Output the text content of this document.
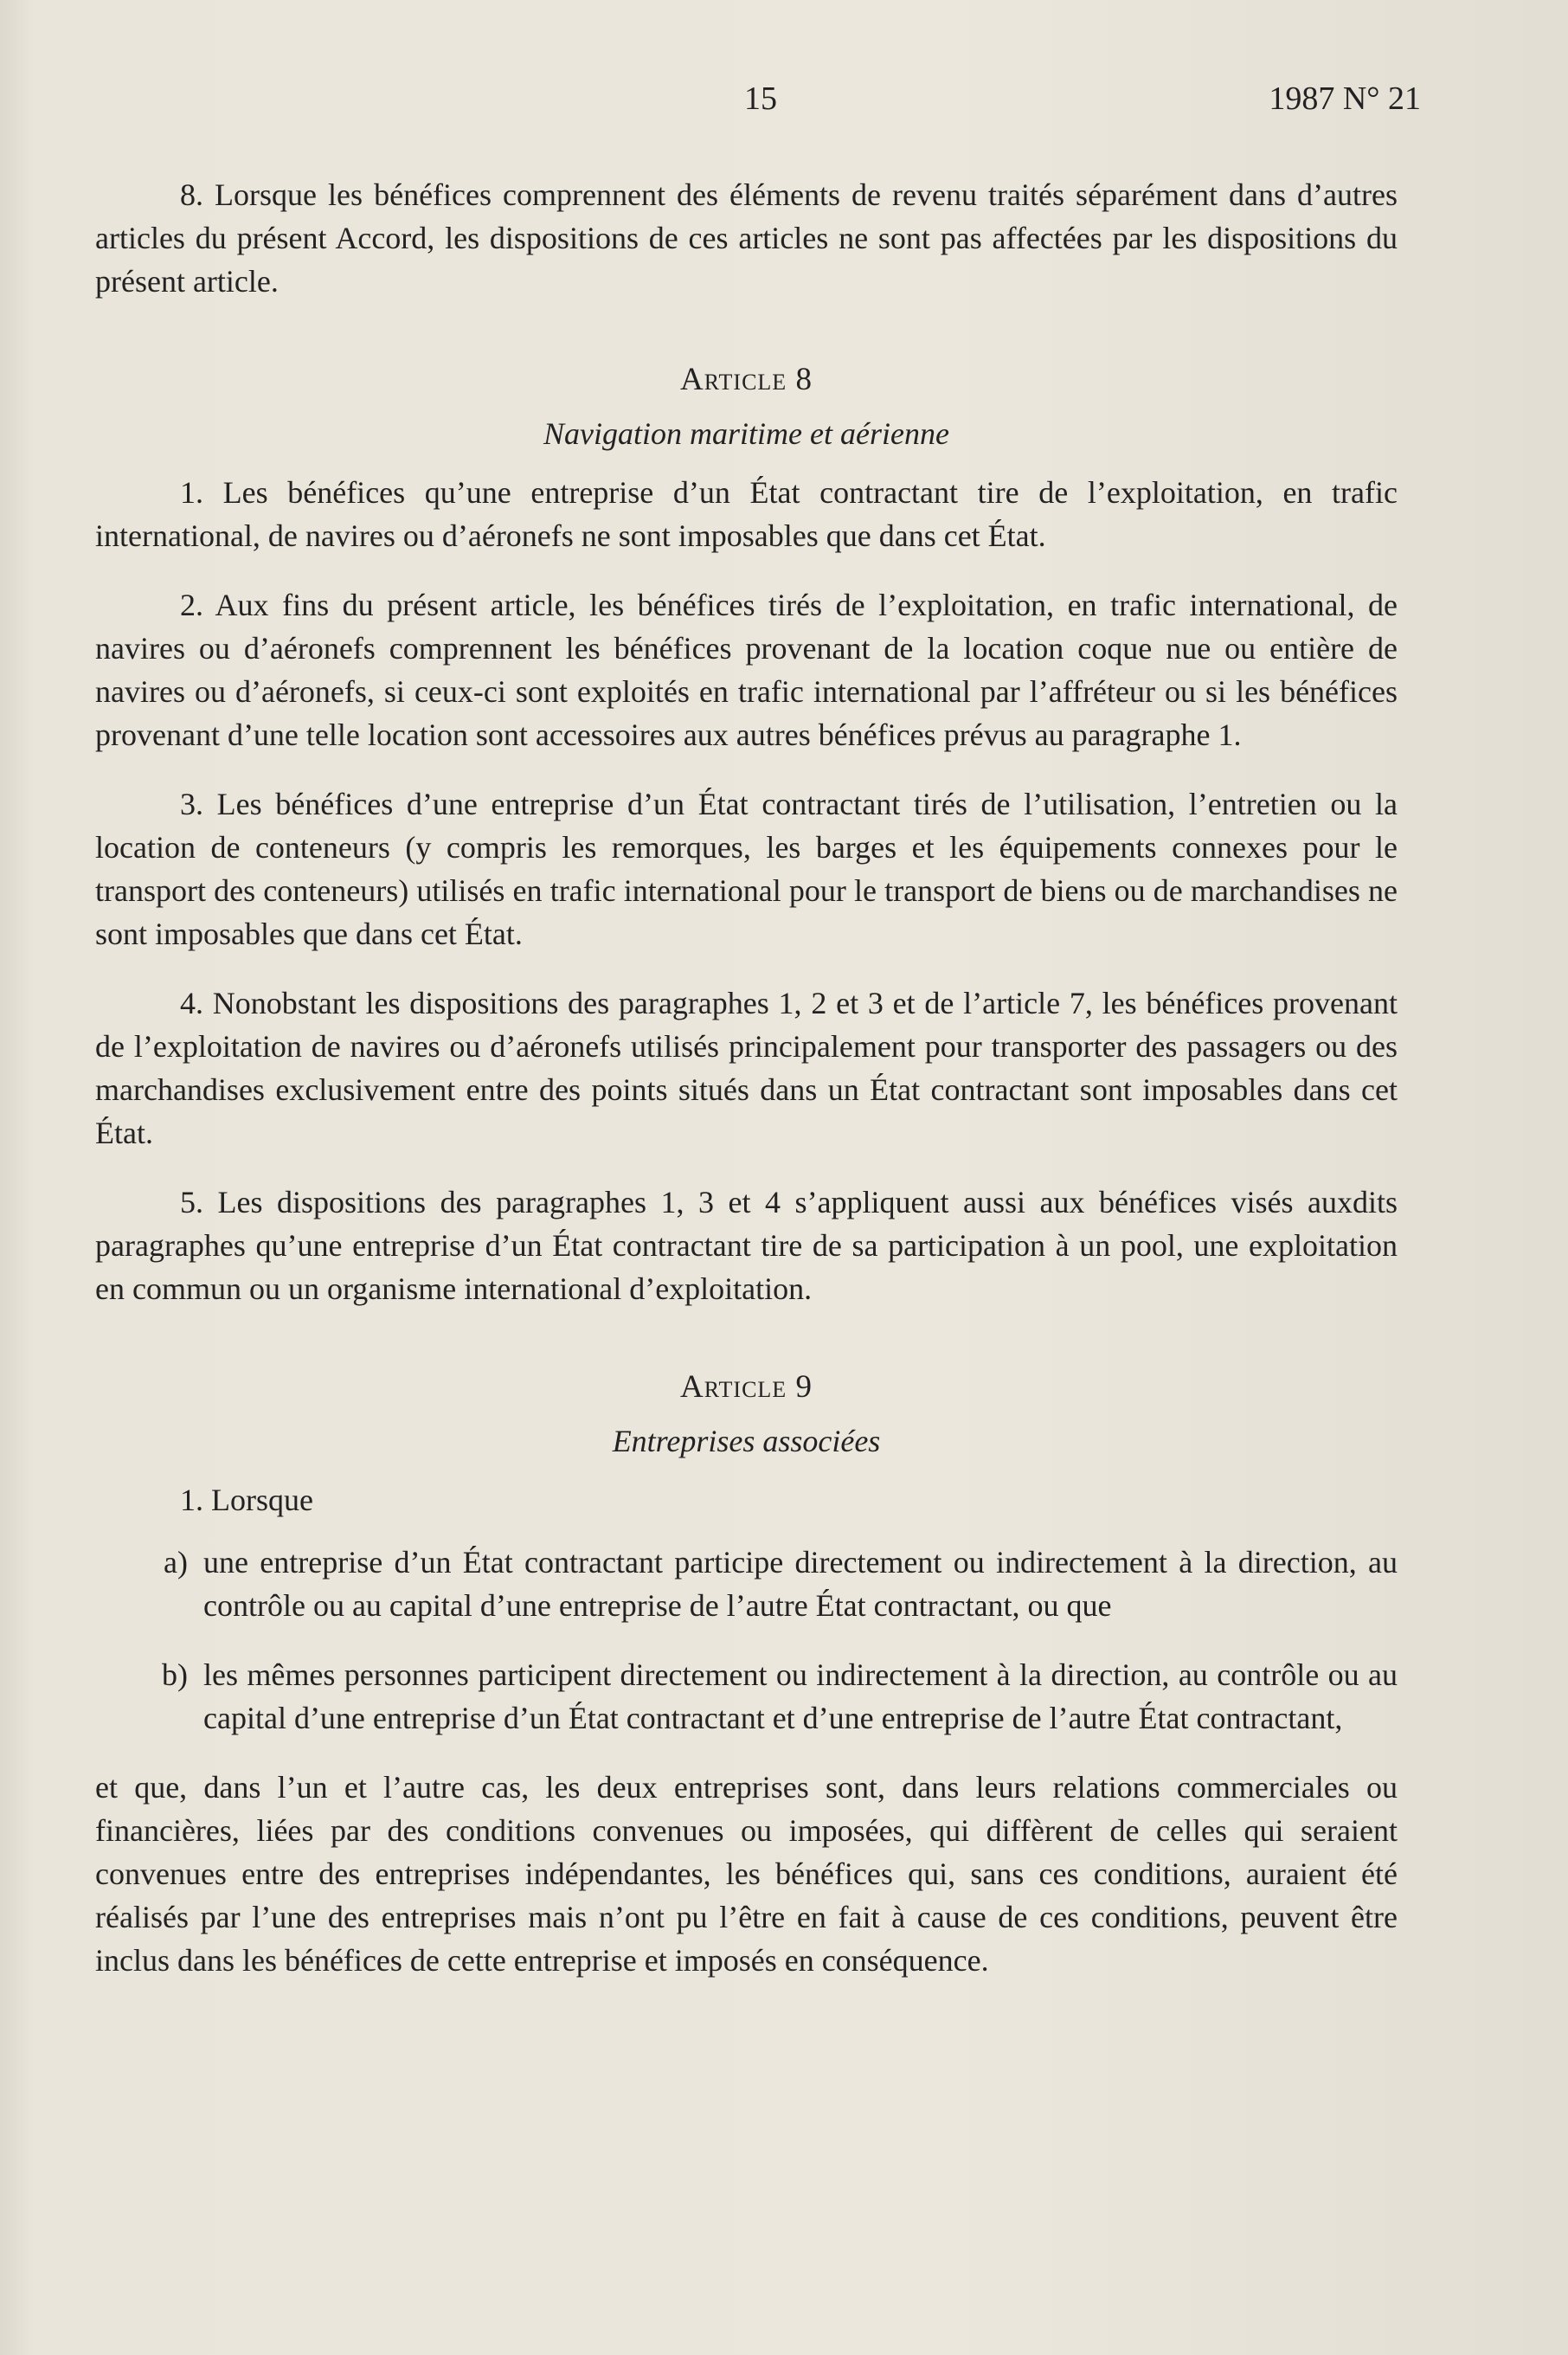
15	1987 N° 21

8. Lorsque les bénéfices comprennent des éléments de revenu traités séparément dans d’autres articles du présent Accord, les dispositions de ces articles ne sont pas affectées par les dispositions du présent article.

Article 8
Navigation maritime et aérienne

1. Les bénéfices qu’une entreprise d’un État contractant tire de l’exploitation, en trafic international, de navires ou d’aéronefs ne sont imposables que dans cet État.

2. Aux fins du présent article, les bénéfices tirés de l’exploitation, en trafic international, de navires ou d’aéronefs comprennent les bénéfices provenant de la location coque nue ou entière de navires ou d’aéronefs, si ceux-ci sont exploités en trafic international par l’affréteur ou si les bénéfices provenant d’une telle location sont accessoires aux autres bénéfices prévus au paragraphe 1.

3. Les bénéfices d’une entreprise d’un État contractant tirés de l’utilisation, l’entretien ou la location de conteneurs (y compris les remorques, les barges et les équipements connexes pour le transport des conteneurs) utilisés en trafic international pour le transport de biens ou de marchandises ne sont imposables que dans cet État.

4. Nonobstant les dispositions des paragraphes 1, 2 et 3 et de l’article 7, les bénéfices provenant de l’exploitation de navires ou d’aéronefs utilisés principalement pour transporter des passagers ou des marchandises exclusivement entre des points situés dans un État contractant sont imposables dans cet État.

5. Les dispositions des paragraphes 1, 3 et 4 s’appliquent aussi aux bénéfices visés auxdits paragraphes qu’une entreprise d’un État contractant tire de sa participation à un pool, une exploitation en commun ou un organisme international d’exploitation.

Article 9
Entreprises associées

1. Lorsque

a) une entreprise d’un État contractant participe directement ou indirectement à la direction, au contrôle ou au capital d’une entreprise de l’autre État contractant, ou que
b) les mêmes personnes participent directement ou indirectement à la direction, au contrôle ou au capital d’une entreprise d’un État contractant et d’une entreprise de l’autre État contractant,

et que, dans l’un et l’autre cas, les deux entreprises sont, dans leurs relations commerciales ou financières, liées par des conditions convenues ou imposées, qui diffèrent de celles qui seraient convenues entre des entreprises indépendantes, les bénéfices qui, sans ces conditions, auraient été réalisés par l’une des entreprises mais n’ont pu l’être en fait à cause de ces conditions, peuvent être inclus dans les bénéfices de cette entreprise et imposés en conséquence.
